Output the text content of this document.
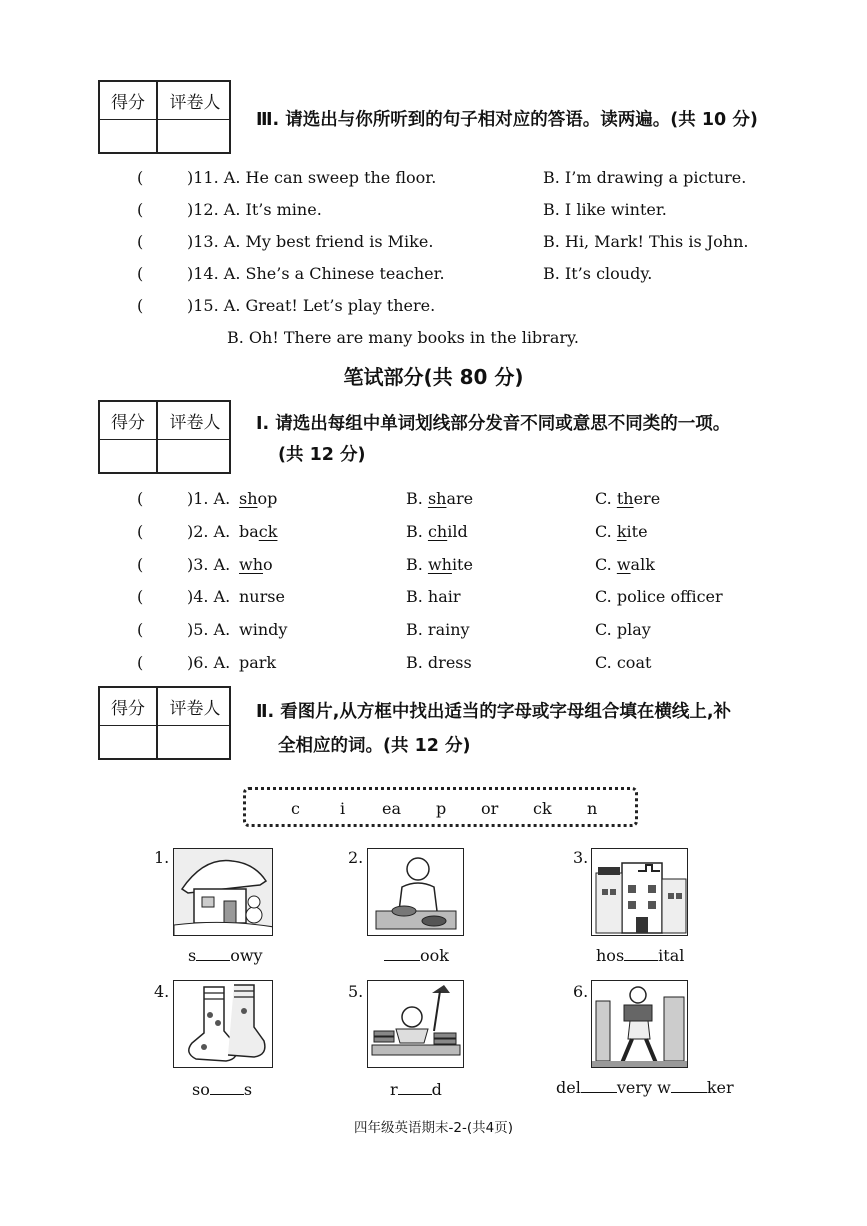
得分	评卷人
Ⅲ. 请选出与你所听到的句子相对应的答语。读两遍。(共 10 分)
(	)11. A. He can sweep the floor.	B. I’m drawing a picture.
(	)12. A. It’s mine.	B. I like winter.
(	)13. A. My best friend is Mike.	B. Hi, Mark! This is John.
(	)14. A. She’s a Chinese teacher.	B. It’s cloudy.
(	)15. A. Great! Let’s play there.
B. Oh! There are many books in the library.
笔试部分(共 80 分)
得分	评卷人	Ⅰ. 请选出每组中单词划线部分发音不同或意思不同类的一项。
(共 12 分)
(	)1. A. shop	B. share	C. there
(	)2. A. back	B. child	C. kite
(	)3. A. who	B. white	C. walk
(	)4. A. nurse	B. hair	C. police officer
(	)5. A. windy	B. rainy	C. play
(	)6. A. park	B. dress	C. coat
得分	评卷人	Ⅱ. 看图片,从方框中找出适当的字母或字母组合填在横线上,补
全相应的词。(共 12 分)
c	i ea p or ck n
1.	2.	3.
s owy	ook	hos ital
4.	5.	6.
so s	r d	del very w ker
四年级英语期末-2-(共4页)
